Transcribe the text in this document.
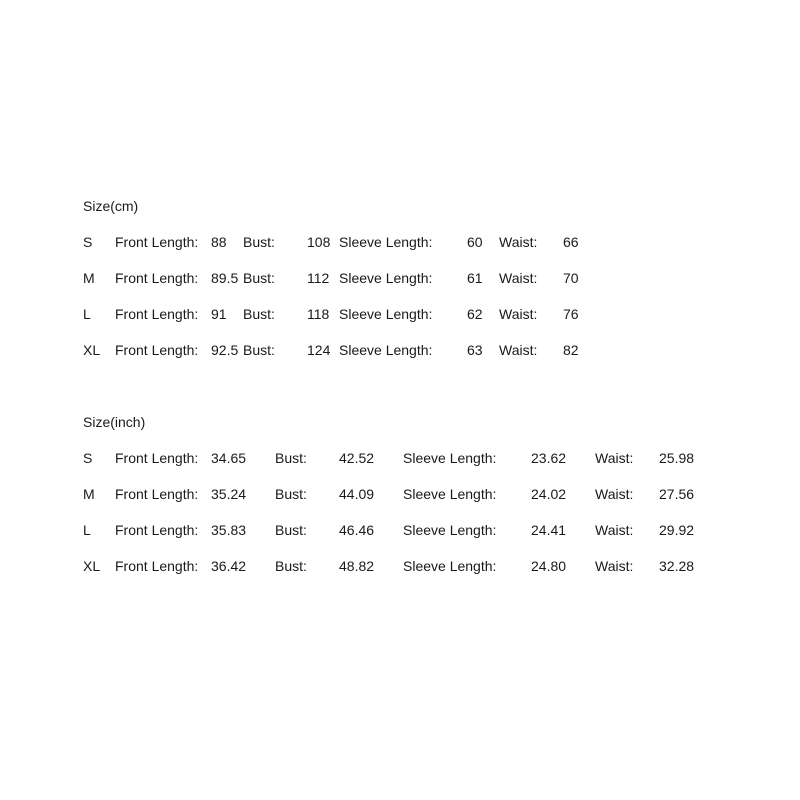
Size(cm)
S Front Length: 88 Bust: 108 Sleeve Length: 60 Waist: 66
M Front Length: 89.5 Bust: 112 Sleeve Length: 61 Waist: 70
L Front Length: 91 Bust: 118 Sleeve Length: 62 Waist: 76
XL Front Length: 92.5 Bust: 124 Sleeve Length: 63 Waist: 82
Size(inch)
S Front Length: 34.65 Bust: 42.52 Sleeve Length: 23.62 Waist: 25.98
M Front Length: 35.24 Bust: 44.09 Sleeve Length: 24.02 Waist: 27.56
L Front Length: 35.83 Bust: 46.46 Sleeve Length: 24.41 Waist: 29.92
XL Front Length: 36.42 Bust: 48.82 Sleeve Length: 24.80 Waist: 32.28
